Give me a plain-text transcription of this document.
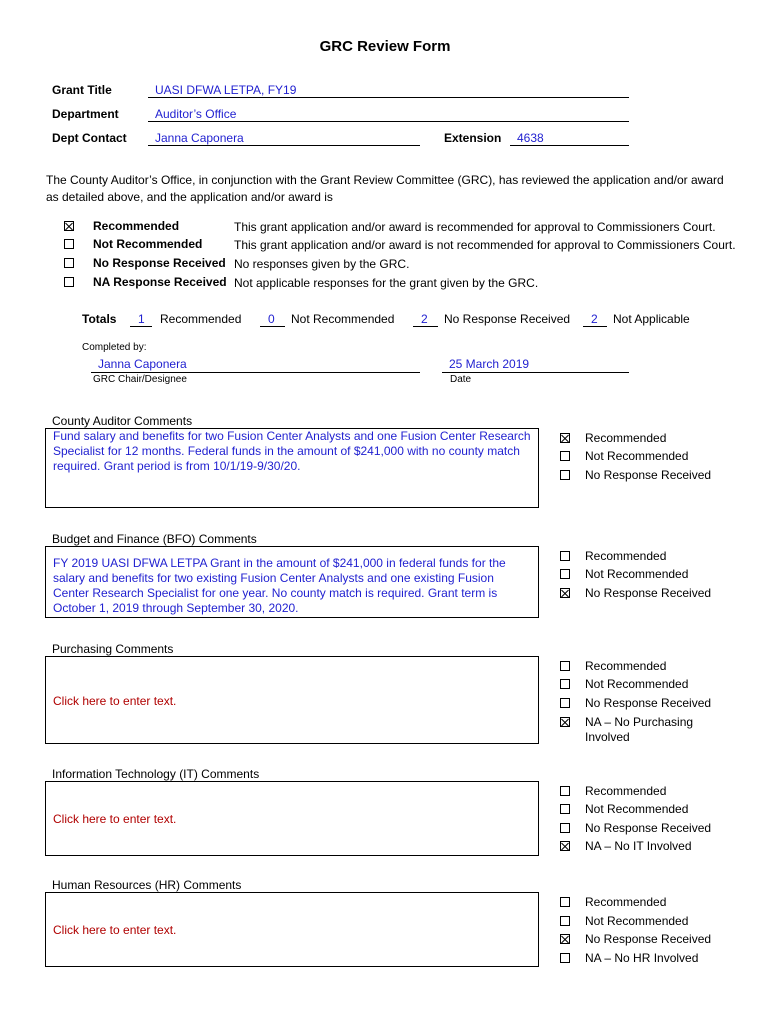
GRC Review Form
Grant Title	UASI DFWA LETPA, FY19
Department	Auditor’s Office
Dept Contact Janna Caponera	Extension 4638
The County Auditor’s Office, in conjunction with the Grant Review Committee (GRC), has reviewed the application and/or award as detailed above, and the application and/or award is
Recommended	This grant application and/or award is recommended for approval to Commissioners Court.
Not Recommended	This grant application and/or award is not recommended for approval to Commissioners Court.
No Response Received No responses given by the GRC.
NA Response Received Not applicable responses for the grant given by the GRC.
Totals 1 Recommended 0 Not Recommended 2 No Response Received 2 Not Applicable
Completed by:
Janna Caponera
GRC Chair/Designee
25 March 2019
Date
County Auditor Comments
Fund salary and benefits for two Fusion Center Analysts and one Fusion Center Research Specialist for 12 months. Federal funds in the amount of $241,000 with no county match required. Grant period is from 10/1/19-9/30/20.
Recommended
Not Recommended
No Response Received
Budget and Finance (BFO) Comments
FY 2019 UASI DFWA LETPA Grant in the amount of $241,000 in federal funds for the salary and benefits for two existing Fusion Center Analysts and one existing Fusion Center Research Specialist for one year. No county match is required. Grant term is October 1, 2019 through September 30, 2020.
Recommended
Not Recommended
No Response Received
Purchasing Comments
Click here to enter text.
Recommended
Not Recommended
No Response Received
NA – No Purchasing
Involved
Information Technology (IT) Comments
Click here to enter text.
Recommended
Not Recommended
No Response Received
NA – No IT Involved
Human Resources (HR) Comments
Click here to enter text.
Recommended
Not Recommended
No Response Received
NA – No HR Involved
